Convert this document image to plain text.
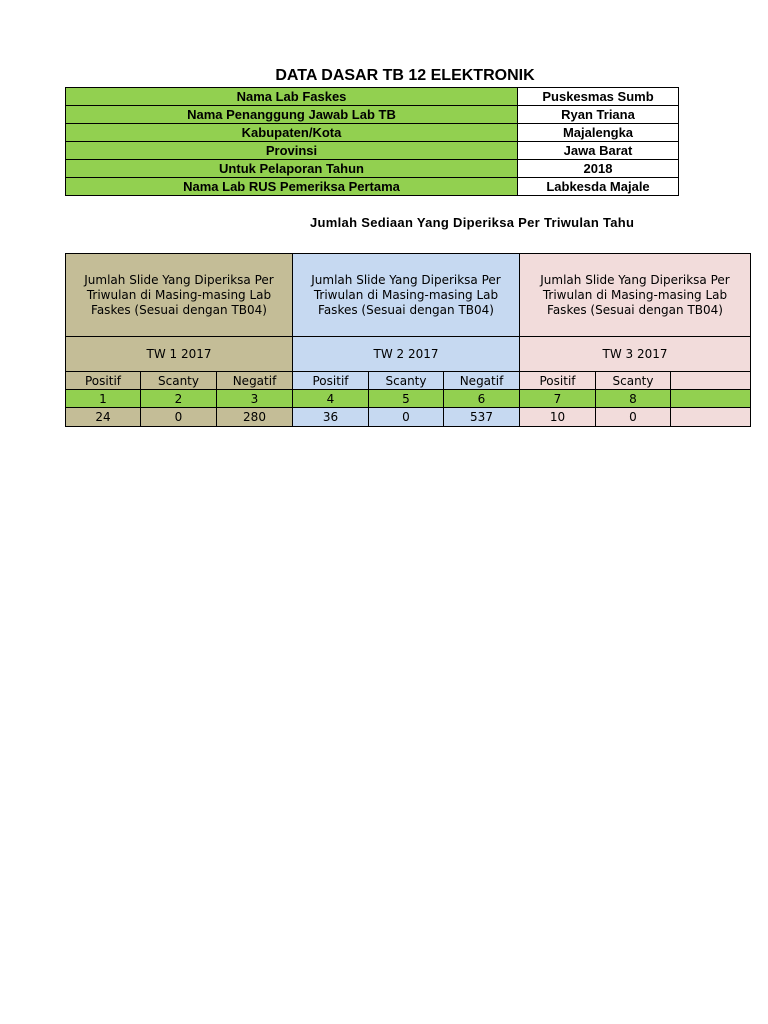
DATA DASAR TB 12 ELEKTRONIK
Nama Lab Faskes	Puskesmas Sumb
Nama Penanggung Jawab Lab TB	Ryan Triana
Kabupaten/Kota	Majalengka
Provinsi	Jawa Barat
Untuk Pelaporan Tahun	2018
Nama Lab RUS Pemeriksa Pertama	Labkesda Majale
Jumlah Sediaan Yang Diperiksa Per Triwulan Tahu
Jumlah Slide Yang Diperiksa Per Triwulan di Masing-masing Lab Faskes (Sesuai dengan TB04)			Jumlah Slide Yang Diperiksa Per Triwulan di Masing-masing Lab Faskes (Sesuai dengan TB04)			Jumlah Slide Yang Diperiksa Per Triwulan di Masing-masing Lab Faskes (Sesuai dengan TB04)		
TW 1 2017			TW 2 2017			TW 3 2017		
Positif	Scanty	Negatif	Positif	Scanty	Negatif	Positif	Scanty	
1	2	3	4	5	6	7	8	
24	0	280	36	0	537	10	0	
